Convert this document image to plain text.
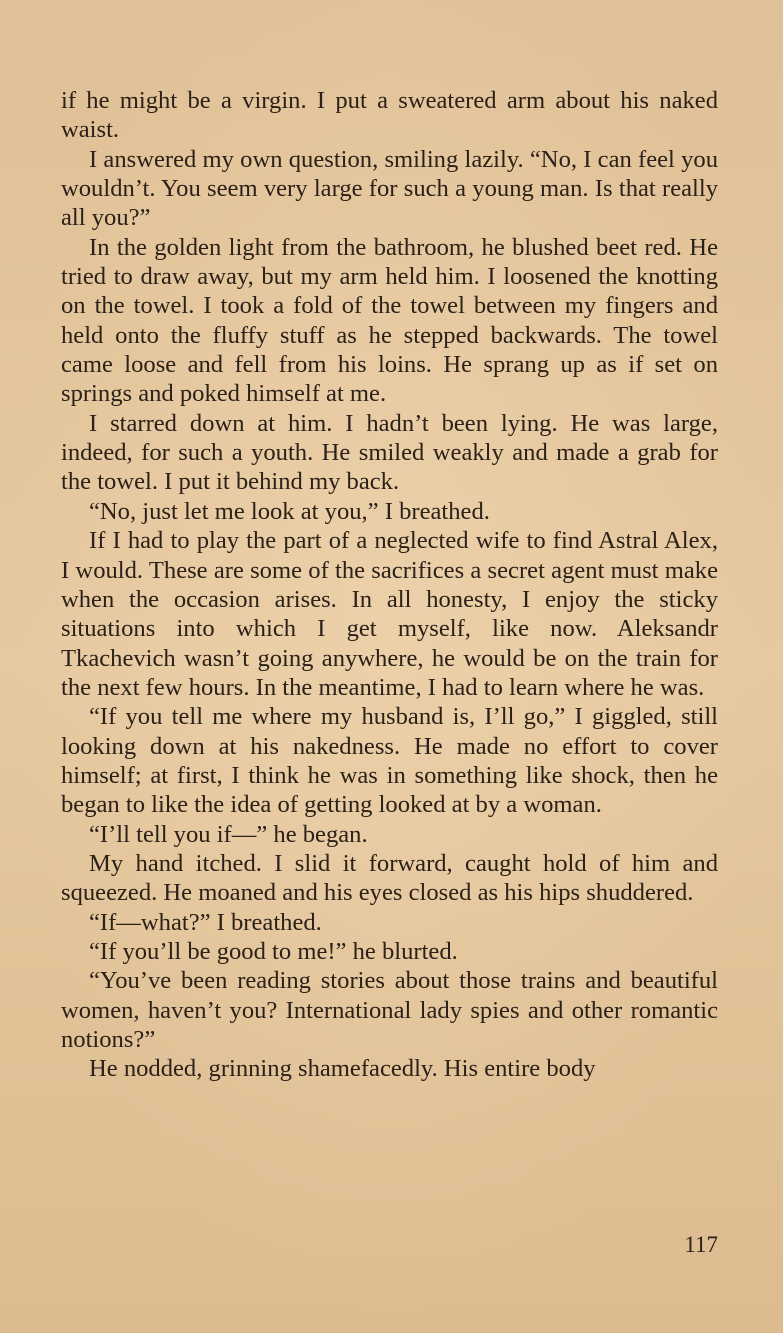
if he might be a virgin. I put a sweatered arm about his naked waist.

I answered my own question, smiling lazily. “No, I can feel you wouldn’t. You seem very large for such a young man. Is that really all you?”

In the golden light from the bathroom, he blushed beet red. He tried to draw away, but my arm held him. I loosened the knotting on the towel. I took a fold of the towel between my fingers and held onto the fluffy stuff as he stepped backwards. The towel came loose and fell from his loins. He sprang up as if set on springs and poked himself at me.

I starred down at him. I hadn’t been lying. He was large, indeed, for such a youth. He smiled weakly and made a grab for the towel. I put it behind my back.

“No, just let me look at you,” I breathed.

If I had to play the part of a neglected wife to find Astral Alex, I would. These are some of the sacrifices a secret agent must make when the occasion arises. In all honesty, I enjoy the sticky situations into which I get myself, like now. Aleksandr Tkachevich wasn’t going anywhere, he would be on the train for the next few hours. In the meantime, I had to learn where he was.

“If you tell me where my husband is, I’ll go,” I giggled, still looking down at his nakedness. He made no effort to cover himself; at first, I think he was in something like shock, then he began to like the idea of getting looked at by a woman.

“I’ll tell you if—” he began.

My hand itched. I slid it forward, caught hold of him and squeezed. He moaned and his eyes closed as his hips shuddered.

“If—what?” I breathed.

“If you’ll be good to me!” he blurted.

“You’ve been reading stories about those trains and beautiful women, haven’t you? International lady spies and other romantic notions?”

He nodded, grinning shamefacedly. His entire body

117
